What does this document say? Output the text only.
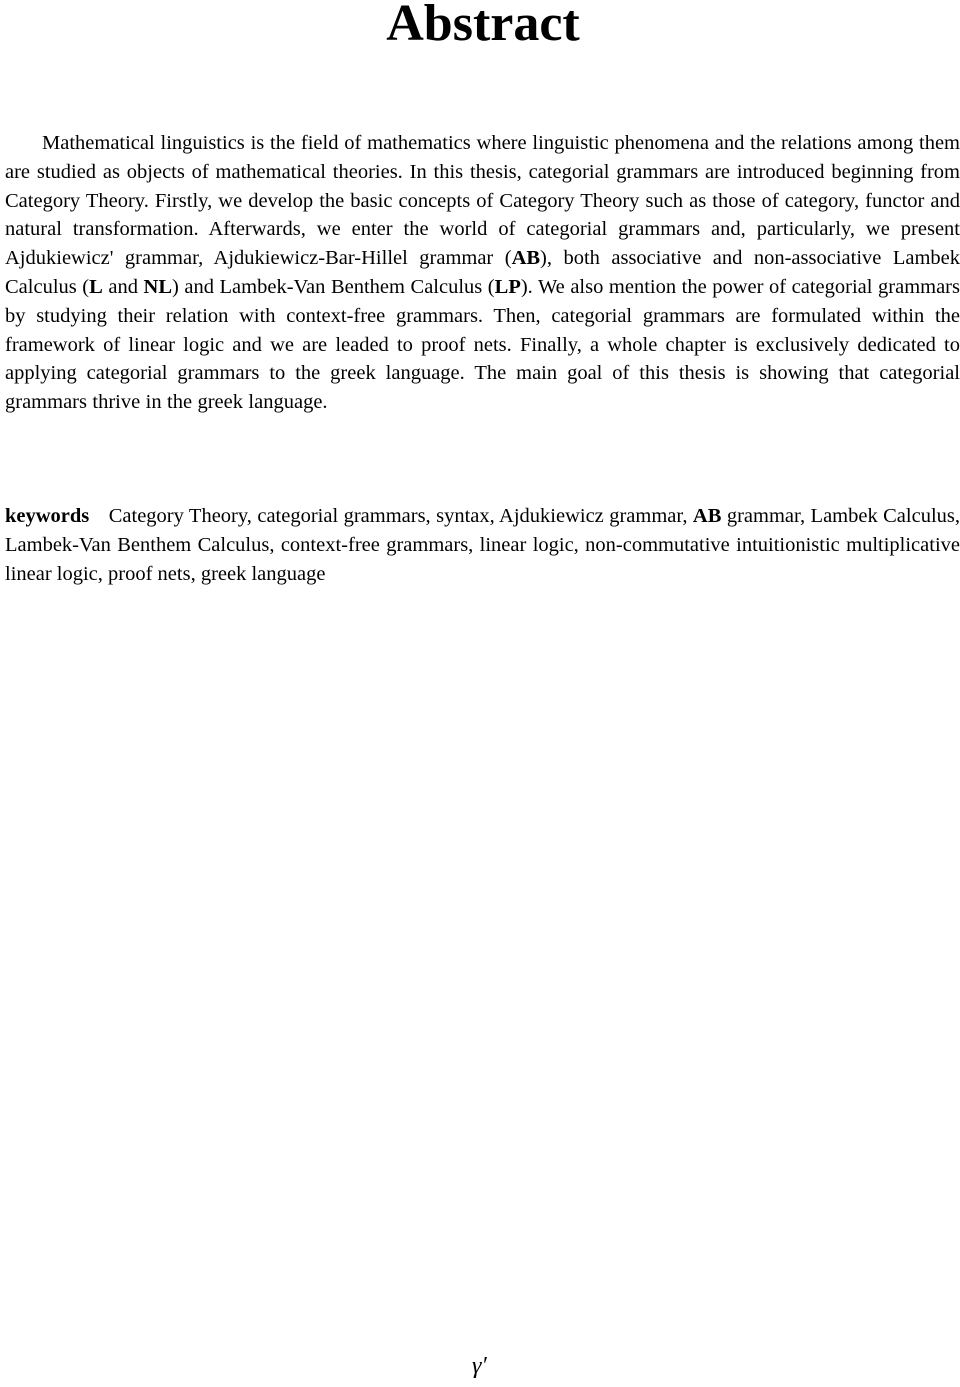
Abstract

Mathematical linguistics is the field of mathematics where linguistic phenomena and the relations among them are studied as objects of mathematical theories. In this thesis, categorial grammars are introduced beginning from Category Theory. Firstly, we develop the basic concepts of Category Theory such as those of category, functor and natural transformation. Afterwards, we enter the world of categorial grammars and, particularly, we present Ajdukiewicz' grammar, Ajdukiewicz-Bar-Hillel grammar (AB), both associative and non-associative Lambek Calculus (L and NL) and Lambek-Van Benthem Calculus (LP). We also mention the power of categorial grammars by studying their relation with context-free grammars. Then, categorial grammars are formulated within the framework of linear logic and we are leaded to proof nets. Finally, a whole chapter is exclusively dedicated to applying categorial grammars to the greek language. The main goal of this thesis is showing that categorial grammars thrive in the greek language.

keywords Category Theory, categorial grammars, syntax, Ajdukiewicz grammar, AB grammar, Lambek Calculus, Lambek-Van Benthem Calculus, context-free grammars, linear logic, non-commutative intuitionistic multiplicative linear logic, proof nets, greek language

γ′
